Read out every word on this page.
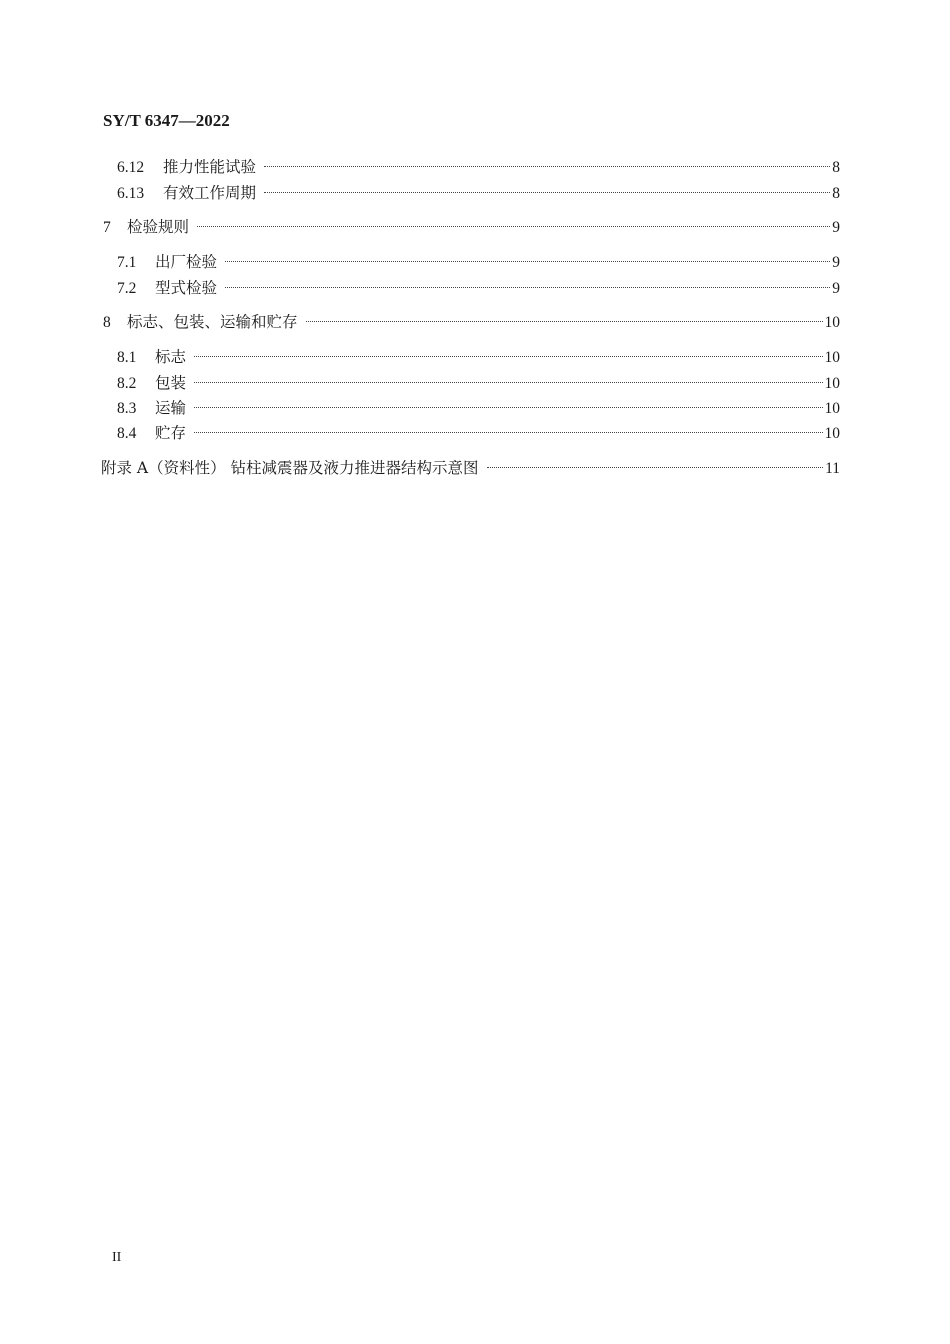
SY/T 6347—2022
6.12	推力性能试验	8
6.13	有效工作周期	8
7	检验规则	9
7.1	出厂检验	9
7.2	型式检验	9
8	标志、包装、运输和贮存	10
8.1	标志	10
8.2	包装	10
8.3	运输	10
8.4	贮存	10
附录 A（资料性） 钻柱减震器及液力推进器结构示意图	11
II
